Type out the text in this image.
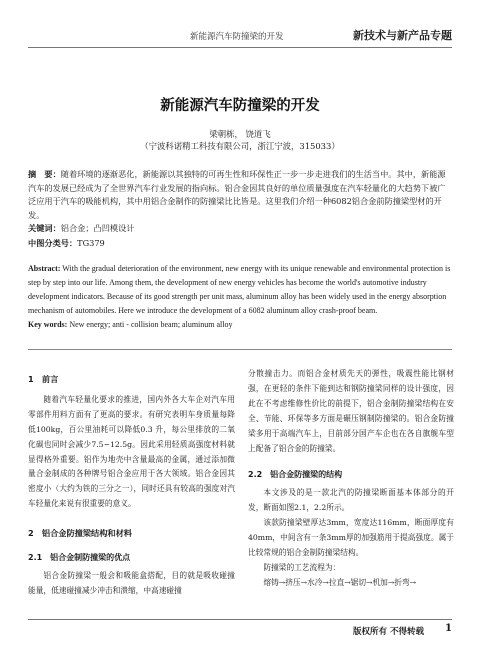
新能源汽车防撞梁的开发	新技术与新产品专题
新能源汽车防撞梁的开发
梁朝栋， 饶道飞
（宁波科诺精工科技有限公司，浙江宁波，315033）
摘　要：随着环境的逐渐恶化，新能源以其独特的可再生性和环保性正一步一步走进我们的生活当中。其中，新能源汽车的发展已经成为了全世界汽车行业发展的指向标。铝合金因其良好的单位质量强度在汽车轻量化的大趋势下被广泛应用于汽车的吸能机构，其中用铝合金制作的防撞梁比比皆是。这里我们介绍一种6082铝合金前防撞梁型材的开发。
关键词：铝合金；凸凹模设计
中图分类号：TG379
Abstract: With the gradual deterioration of the environment, new energy with its unique renewable and environmental protection is step by step into our life. Among them, the development of new energy vehicles has become the world's automotive industry development indicators. Because of its good strength per unit mass, aluminum alloy has been widely used in the energy absorption mechanism of automobiles. Here we introduce the development of a 6082 aluminum alloy crash-proof beam.
Key words: New energy; anti - collision beam; aluminum alloy

1　前言

随着汽车轻量化要求的推进，国内外各大车企对汽车用零部件用料方面有了更高的要求。有研究表明车身质量每降低100kg，百公里油耗可以降低0.3 升，每公里排放的二氧化碳也同时会减少7.5~12.5g。因此采用轻质高强度材料就显得格外重要。铝作为地壳中含量最高的金属，通过添加微量合金制成的各种牌号铝合金应用于各大领域。铝合金因其密度小（大约为铁的三分之一），同时还具有较高的强度对汽车轻量化来说有很重要的意义。

2　铝合金防撞梁结构和材料

2.1　铝合金制防撞梁的优点

铝合金防撞梁一般会和吸能盒搭配，目的就是吸收碰撞能量，低速碰撞减少冲击和溃缩，中高速碰撞

分散撞击力。而铝合金材质先天的弹性，吸震性能比钢材强，在更轻的条件下能到达和钢防撞梁同样的设计强度，因此在不考虑维修性价比的前提下，铝合金制防撞梁结构在安全、节能、环保等多方面是碾压钢制防撞梁的。铝合金防撞梁多用于高端汽车上，目前部分国产车企也在各自旗舰车型上配备了铝合金的防撞梁。

2.2　铝合金防撞梁的结构

本文涉及的是一款北汽的防撞梁断面基本体部分的开发，断面如图2.1，2.2所示。

该款防撞梁壁厚达3mm，宽度达116mm，断面厚度有40mm，中间含有一条3mm厚的加强筋用于提高强度。属于比较常规的铝合金制防撞梁结构。

防撞梁的工艺流程为：

熔铸→挤压→水冷→拉直→锯切→机加→折弯→

版权所有 不得转载 1
